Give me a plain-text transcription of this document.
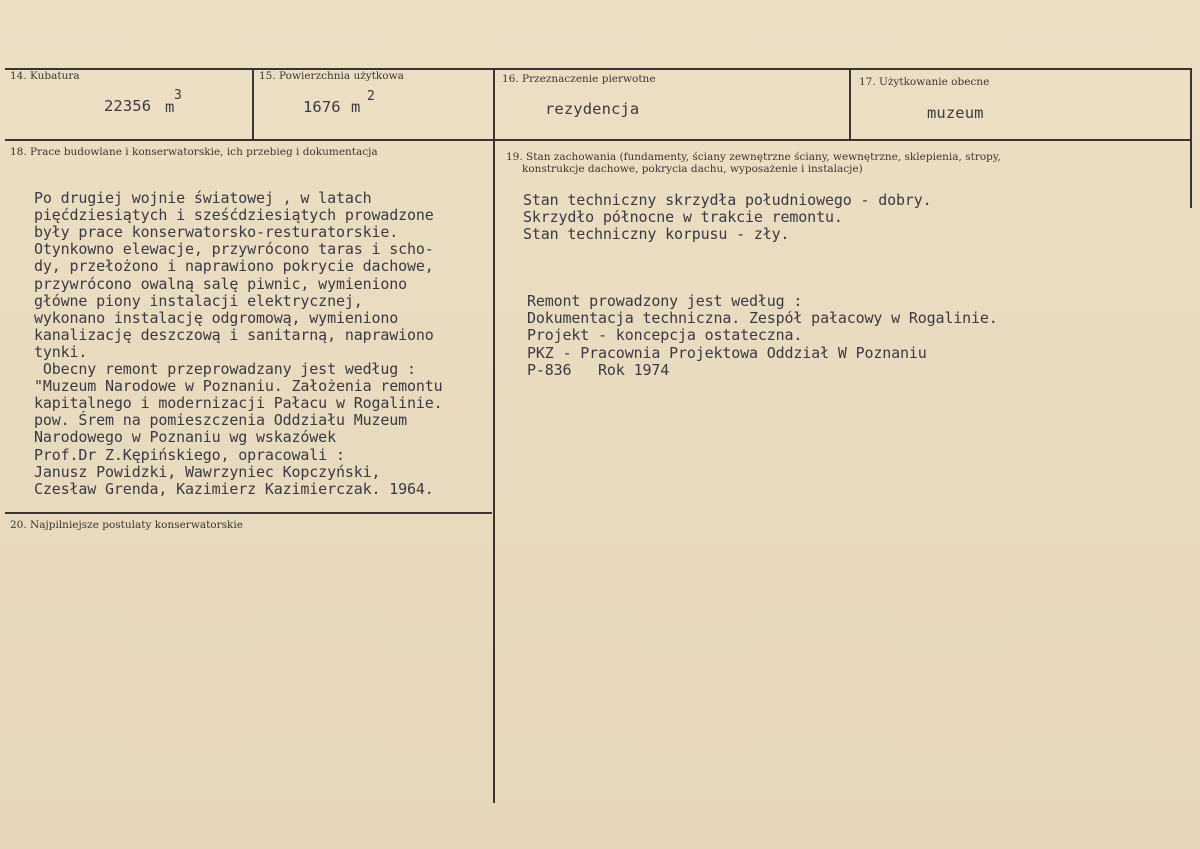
14. Kubatura
22356 m
3
15. Powierzchnia użytkowa
1676 m
2
16. Przeznaczenie pierwotne
rezydencja
17. Użytkowanie obecne
muzeum
18. Prace budowlane i konserwatorskie, ich przebieg i dokumentacja
Po drugiej wojnie światowej , w latach
pięćdziesiątych i sześćdziesiątych prowadzone
były prace konserwatorsko-resturatorskie.
Otynkowno elewacje, przywrócono taras i scho-
dy, przełożono i naprawiono pokrycie dachowe,
przywrócono owalną salę piwnic, wymieniono
główne piony instalacji elektrycznej,
wykonano instalację odgromową, wymieniono
kanalizację deszczową i sanitarną, naprawiono
tynki.
Obecny remont przeprowadzany jest według :
"Muzeum Narodowe w Poznaniu. Założenia remontu
kapitalnego i modernizacji Pałacu w Rogalinie.
pow. Śrem na pomieszczenia Oddziału Muzeum
Narodowego w Poznaniu wg wskazówek
Prof.Dr Z.Kępińskiego, opracowali :
Janusz Powidzki, Wawrzyniec Kopczyński,
Czesław Grenda, Kazimierz Kazimierczak. 1964.
19. Stan zachowania (fundamenty, ściany zewnętrzne ściany, wewnętrzne, sklepienia, stropy,
konstrukcje dachowe, pokrycia dachu, wyposażenie i instalacje)
Stan techniczny skrzydła południowego - dobry.
Skrzydło północne w trakcie remontu.
Stan techniczny korpusu - zły.
Remont prowadzony jest według :
Dokumentacja techniczna. Zespół pałacowy w Rogalinie.
Projekt - koncepcja ostateczna.
PKZ - Pracownia Projektowa Oddział W Poznaniu
P-836   Rok 1974
20. Najpilniejsze postulaty konserwatorskie
